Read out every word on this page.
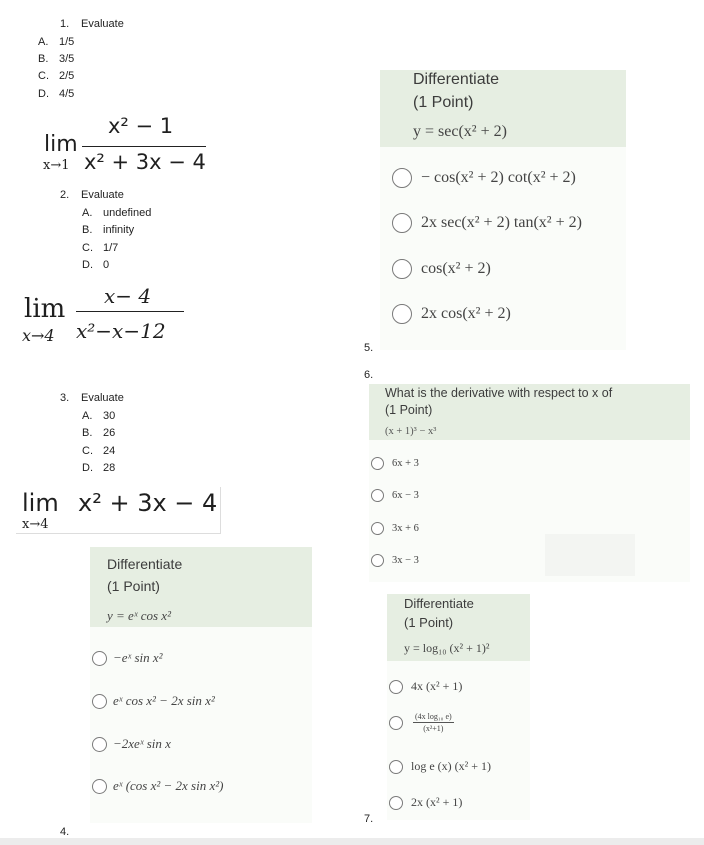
1. Evaluate
A. 1/5
B. 3/5
C. 2/5
D. 4/5
lim
x→1
x² − 1
x² + 3x − 4
2. Evaluate
A. undefined
B. infinity
C. 1/7
D. 0
lim
x→4
x− 4
x²−x−12
3. Evaluate
A. 30
B. 26
C. 24
D. 28
lim
x→4
x² + 3x − 4
Differentiate
(1 Point)
y = eˣ cos x²
−eˣ sin x²
eˣ cos x² − 2x sin x²
−2xeˣ sin x
eˣ (cos x² − 2x sin x²)
4.
Differentiate
(1 Point)
y = sec(x² + 2)
− cos(x² + 2) cot(x² + 2)
2x sec(x² + 2) tan(x² + 2)
cos(x² + 2)
2x cos(x² + 2)
5.
6.
What is the derivative with respect to x of
(1 Point)
(x + 1)³ − x³
6x + 3
6x − 3
3x + 6
3x − 3
Differentiate
(1 Point)
y = log₁₀ (x² + 1)²
4x (x² + 1)
(4x log₁₀ e)
(x²+1)
log e (x) (x² + 1)
2x (x² + 1)
7.
